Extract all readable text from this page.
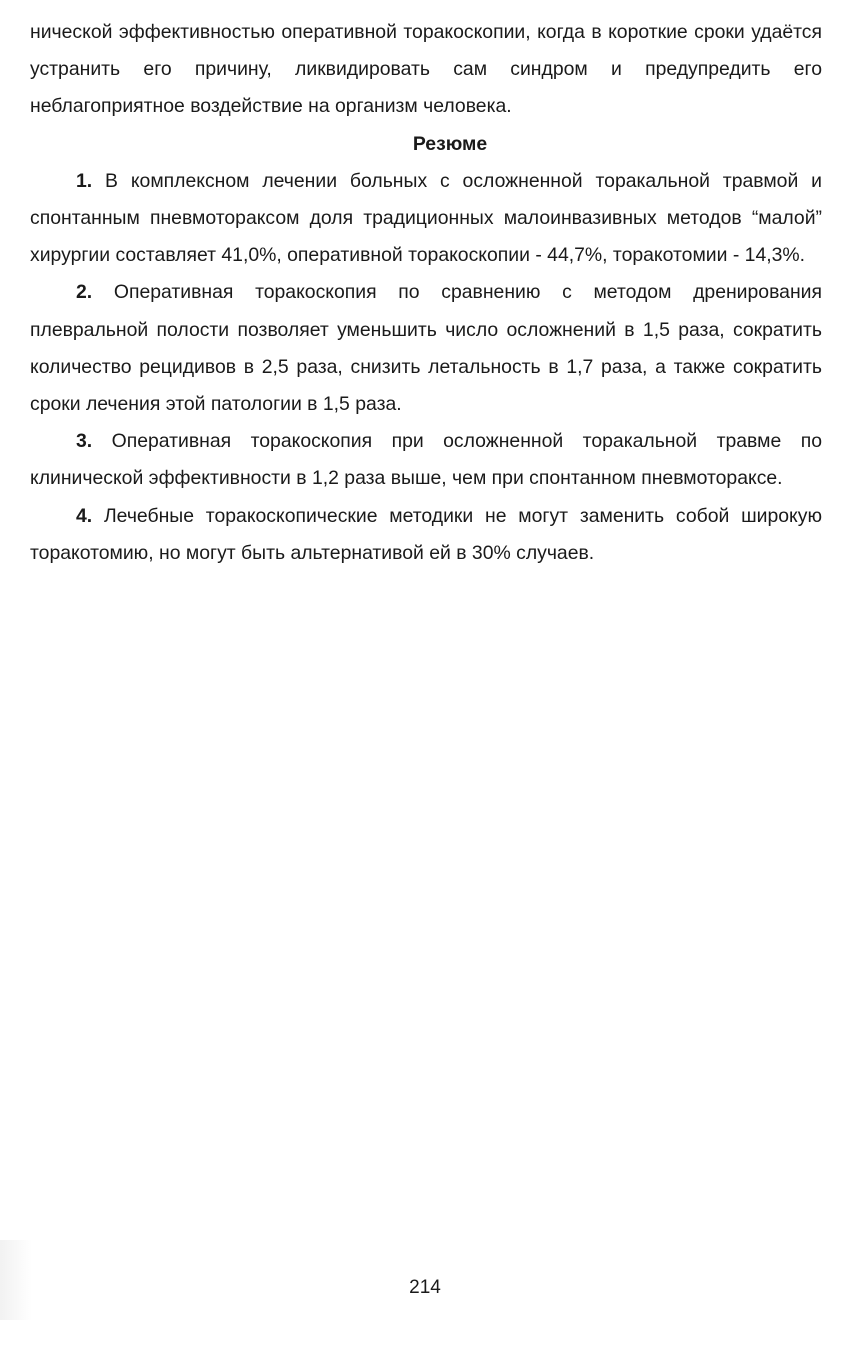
нической эффективностью оперативной торакоскопии, когда в короткие сроки удаётся устранить его причину, ликвидировать сам синдром и предупредить его неблагоприятное воздействие на организм человека.

Резюме

1. В комплексном лечении больных с осложненной торакальной травмой и спонтанным пневмотораксом доля традиционных малоинвазивных методов “малой” хирургии составляет 41,0%, оперативной торакоскопии - 44,7%, торакотомии - 14,3%.

2. Оперативная торакоскопия по сравнению с методом дренирования плевральной полости позволяет уменьшить число осложнений в 1,5 раза, сократить количество рецидивов в 2,5 раза, снизить летальность в 1,7 раза, а также сократить сроки лечения этой патологии в 1,5 раза.

3. Оперативная торакоскопия при осложненной торакальной травме по клинической эффективности в 1,2 раза выше, чем при спонтанном пневмотораксе.

4. Лечебные торакоскопические методики не могут заменить собой широкую торакотомию, но могут быть альтернативой ей в 30% случаев.

214
